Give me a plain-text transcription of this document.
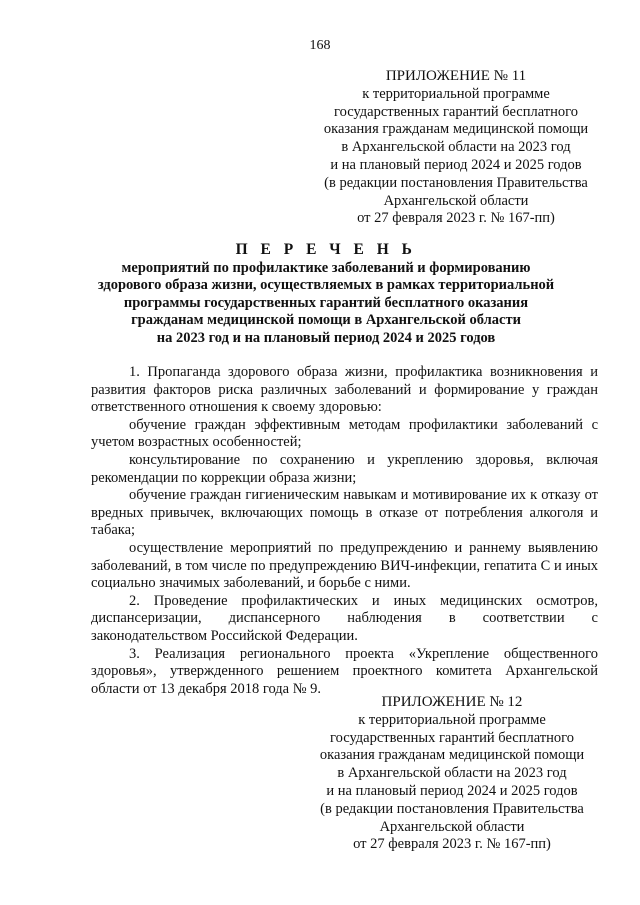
168
ПРИЛОЖЕНИЕ № 11
к территориальной программе
государственных гарантий бесплатного
оказания гражданам медицинской помощи
в Архангельской области на 2023 год
и на плановый период 2024 и 2025 годов
(в редакции постановления Правительства
Архангельской области
от 27 февраля 2023 г. № 167-пп)
П Е Р Е Ч Е Н Ь
мероприятий по профилактике заболеваний и формированию
здорового образа жизни, осуществляемых в рамках территориальной
программы государственных гарантий бесплатного оказания
гражданам медицинской помощи в Архангельской области
на 2023 год и на плановый период 2024 и 2025 годов

1. Пропаганда здорового образа жизни, профилактика возникновения и развития факторов риска различных заболеваний и формирование у граждан ответственного отношения к своему здоровью:

обучение граждан эффективным методам профилактики заболеваний с учетом возрастных особенностей;

консультирование по сохранению и укреплению здоровья, включая рекомендации по коррекции образа жизни;

обучение граждан гигиеническим навыкам и мотивирование их к отказу от вредных привычек, включающих помощь в отказе от потребления алкоголя и табака;

осуществление мероприятий по предупреждению и раннему выявлению заболеваний, в том числе по предупреждению ВИЧ-инфекции, гепатита С и иных социально значимых заболеваний, и борьбе с ними.

2. Проведение профилактических и иных медицинских осмотров, диспансеризации, диспансерного наблюдения в соответствии с законодательством Российской Федерации.

3. Реализация регионального проекта «Укрепление общественного здоровья», утвержденного решением проектного комитета Архангельской области от 13 декабря 2018 года № 9.

ПРИЛОЖЕНИЕ № 12
к территориальной программе
государственных гарантий бесплатного
оказания гражданам медицинской помощи
в Архангельской области на 2023 год
и на плановый период 2024 и 2025 годов
(в редакции постановления Правительства
Архангельской области
от 27 февраля 2023 г. № 167-пп)
